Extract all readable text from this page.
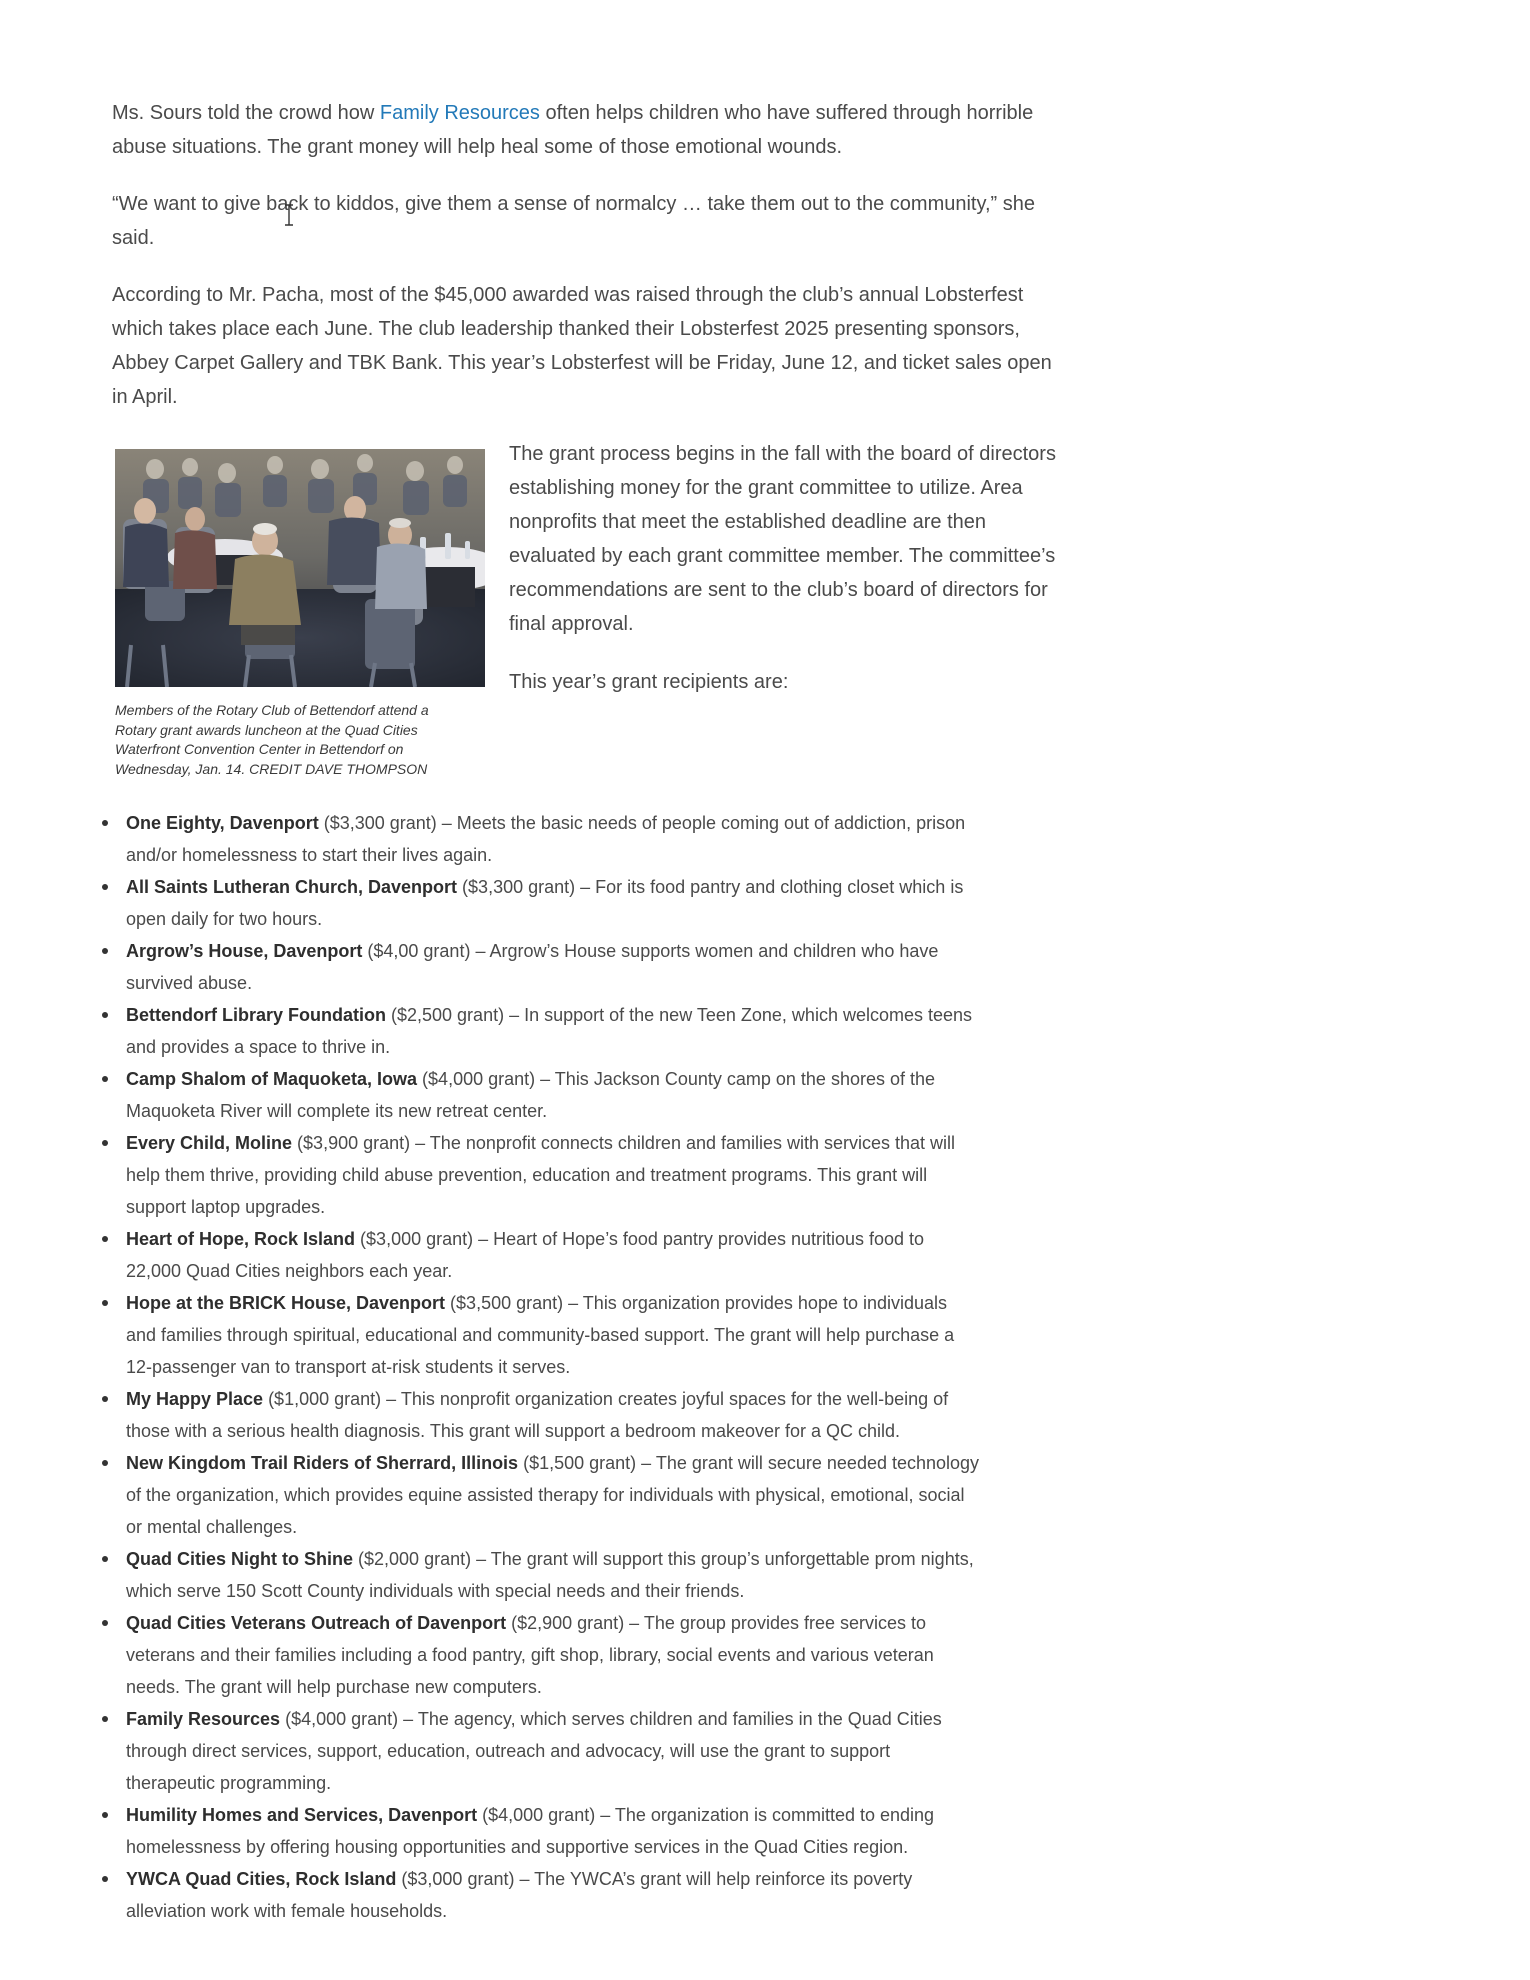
Ms. Sours told the crowd how Family Resources often helps children who have suffered through horrible abuse situations. The grant money will help heal some of those emotional wounds.

“We want to give back to kiddos, give them a sense of normalcy … take them out to the community,” she said.

According to Mr. Pacha, most of the $45,000 awarded was raised through the club’s annual Lobsterfest which takes place each June. The club leadership thanked their Lobsterfest 2025 presenting sponsors, Abbey Carpet Gallery and TBK Bank. This year’s Lobsterfest will be Friday, June 12, and ticket sales open in April.

Members of the Rotary Club of Bettendorf attend a Rotary grant awards luncheon at the Quad Cities Waterfront Convention Center in Bettendorf on Wednesday, Jan. 14. CREDIT DAVE THOMPSON

The grant process begins in the fall with the board of directors establishing money for the grant committee to utilize. Area nonprofits that meet the established deadline are then evaluated by each grant committee member. The committee’s recommendations are sent to the club’s board of directors for final approval.

This year’s grant recipients are:

One Eighty, Davenport ($3,300 grant) – Meets the basic needs of people coming out of addiction, prison and/or homelessness to start their lives again.
All Saints Lutheran Church, Davenport ($3,300 grant) – For its food pantry and clothing closet which is open daily for two hours.
Argrow’s House, Davenport ($4,00 grant) – Argrow’s House supports women and children who have survived abuse.
Bettendorf Library Foundation ($2,500 grant) – In support of the new Teen Zone, which welcomes teens and provides a space to thrive in.
Camp Shalom of Maquoketa, Iowa ($4,000 grant) – This Jackson County camp on the shores of the Maquoketa River will complete its new retreat center.
Every Child, Moline ($3,900 grant) – The nonprofit connects children and families with services that will help them thrive, providing child abuse prevention, education and treatment programs. This grant will support laptop upgrades.
Heart of Hope, Rock Island ($3,000 grant) – Heart of Hope’s food pantry provides nutritious food to 22,000 Quad Cities neighbors each year.
Hope at the BRICK House, Davenport ($3,500 grant) – This organization provides hope to individuals and families through spiritual, educational and community-based support. The grant will help purchase a 12-passenger van to transport at-risk students it serves.
My Happy Place ($1,000 grant) – This nonprofit organization creates joyful spaces for the well-being of those with a serious health diagnosis. This grant will support a bedroom makeover for a QC child.
New Kingdom Trail Riders of Sherrard, Illinois ($1,500 grant) – The grant will secure needed technology of the organization, which provides equine assisted therapy for individuals with physical, emotional, social or mental challenges.
Quad Cities Night to Shine ($2,000 grant) – The grant will support this group’s unforgettable prom nights, which serve 150 Scott County individuals with special needs and their friends.
Quad Cities Veterans Outreach of Davenport ($2,900 grant) – The group provides free services to veterans and their families including a food pantry, gift shop, library, social events and various veteran needs. The grant will help purchase new computers.
Family Resources ($4,000 grant) – The agency, which serves children and families in the Quad Cities through direct services, support, education, outreach and advocacy, will use the grant to support therapeutic programming.
Humility Homes and Services, Davenport ($4,000 grant) – The organization is committed to ending homelessness by offering housing opportunities and supportive services in the Quad Cities region.
YWCA Quad Cities, Rock Island ($3,000 grant) – The YWCA’s grant will help reinforce its poverty alleviation work with female households.
